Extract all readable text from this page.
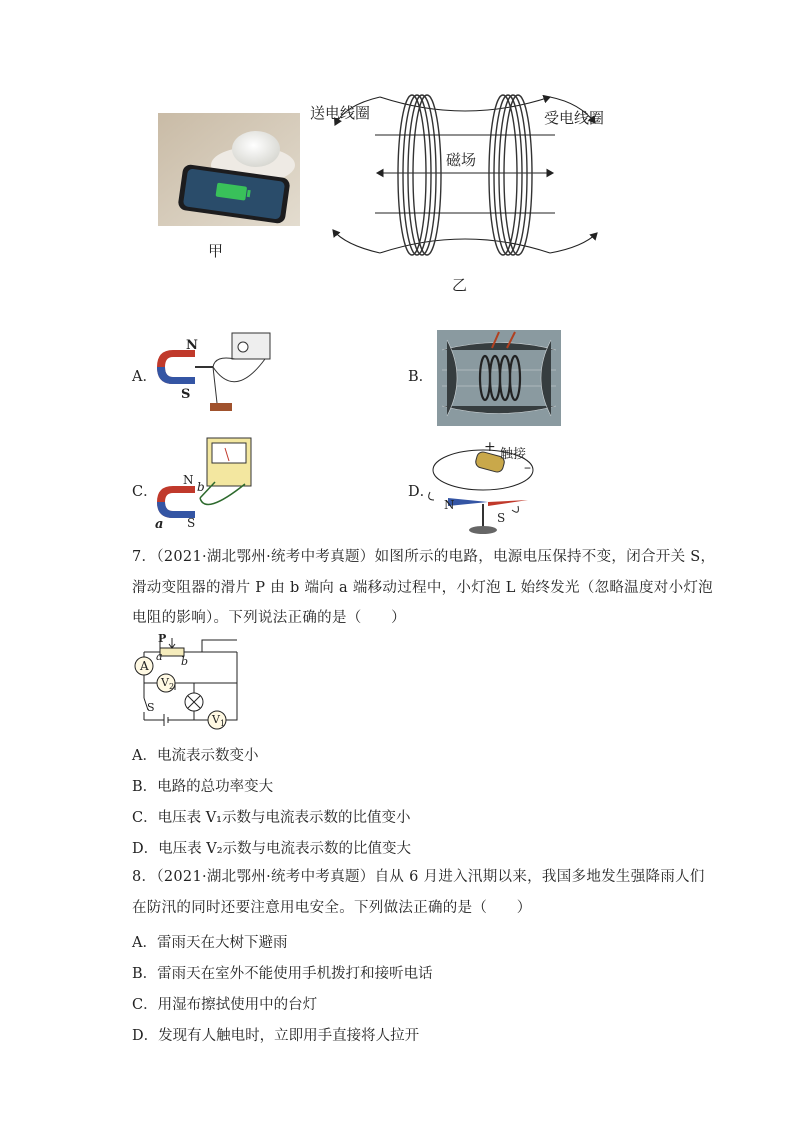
甲
送电线圈	受电线圈
磁场
乙
A．
N
S
B．
C．
N b
a S
D．
+ 触接
–
N
S
7．（2021·湖北鄂州·统考中考真题）如图所示的电路，电源电压保持不变，闭合开关 S，
滑动变阻器的滑片 P 由 b 端向 a 端移动过程中，小灯泡 L 始终发光（忽略温度对小灯泡
电阻的影响）。下列说法正确的是（　　）
P
a b
A
$V_2$
$V_1$
S
A．电流表示数变小
B．电路的总功率变大
C．电压表 V₁示数与电流表示数的比值变小
D．电压表 V₂示数与电流表示数的比值变大
8．（2021·湖北鄂州·统考中考真题）自从 6 月进入汛期以来，我国多地发生强降雨人们
在防汛的同时还要注意用电安全。下列做法正确的是（　　）
A．雷雨天在大树下避雨
B．雷雨天在室外不能使用手机拨打和接听电话
C．用湿布擦拭使用中的台灯
D．发现有人触电时，立即用手直接将人拉开
